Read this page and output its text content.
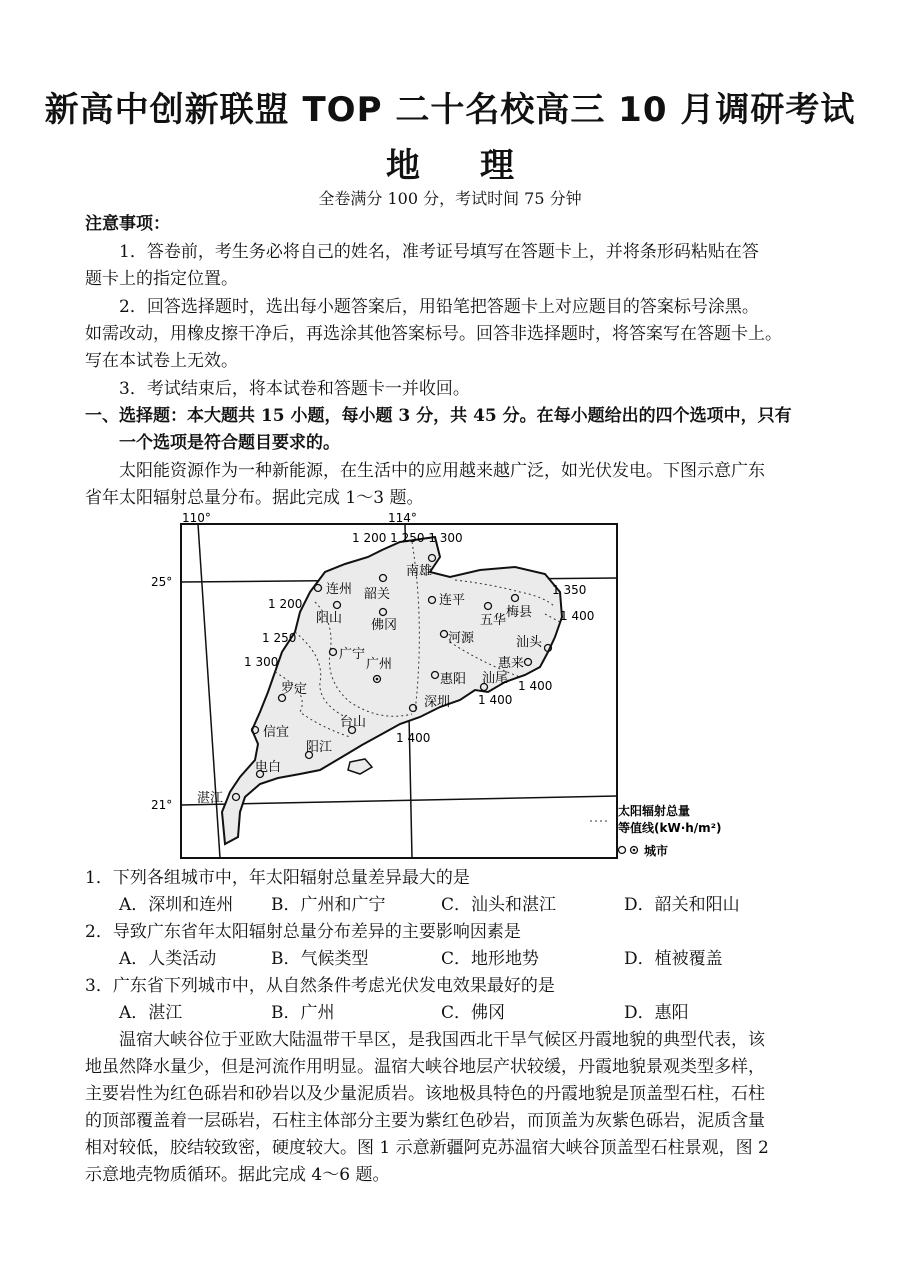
新高中创新联盟 TOP 二十名校高三 10 月调研考试
地理
全卷满分 100 分，考试时间 75 分钟
注意事项：
1．答卷前，考生务必将自己的姓名，准考证号填写在答题卡上，并将条形码粘贴在答
题卡上的指定位置。
2．回答选择题时，选出每小题答案后，用铅笔把答题卡上对应题目的答案标号涂黑。
如需改动，用橡皮擦干净后，再选涂其他答案标号。回答非选择题时，将答案写在答题卡上。
写在本试卷上无效。
3．考试结束后，将本试卷和答题卡一并收回。
一、选择题：本大题共 15 小题，每小题 3 分，共 45 分。在每小题给出的四个选项中，只有
一个选项是符合题目要求的。
太阳能资源作为一种新能源，在生活中的应用越来越广泛，如光伏发电。下图示意广东
省年太阳辐射总量分布。据此完成 1～3 题。
110°	114°
25°
21°
1 200 1 250 1 300
1 200
1 250
1 300
1 350
1 400
1 400
1 400
1 400
连州 韶关
南雄
阳山 佛冈
连平
五华
梅县
河源	汕头
广宁
广州	惠来
罗定
惠阳 汕尾
深圳
信宜
台山
阳江
电白
湛江
太阳辐射总量
等值线(kW·h/m²)
城市
1．下列各组城市中，年太阳辐射总量差异最大的是
A．深圳和连州 B．广州和广宁	C．汕头和湛江	D．韶关和阳山
2．导致广东省年太阳辐射总量分布差异的主要影响因素是
A．人类活动	B．气候类型	C．地形地势	D．植被覆盖
3．广东省下列城市中，从自然条件考虑光伏发电效果最好的是
A．湛江	B．广州	C．佛冈	D．惠阳
温宿大峡谷位于亚欧大陆温带干旱区，是我国西北干旱气候区丹霞地貌的典型代表，该
地虽然降水量少，但是河流作用明显。温宿大峡谷地层产状较缓，丹霞地貌景观类型多样，
主要岩性为红色砾岩和砂岩以及少量泥质岩。该地极具特色的丹霞地貌是顶盖型石柱，石柱
的顶部覆盖着一层砾岩，石柱主体部分主要为紫红色砂岩，而顶盖为灰紫色砾岩，泥质含量
相对较低，胶结较致密，硬度较大。图 1 示意新疆阿克苏温宿大峡谷顶盖型石柱景观，图 2
示意地壳物质循环。据此完成 4～6 题。
